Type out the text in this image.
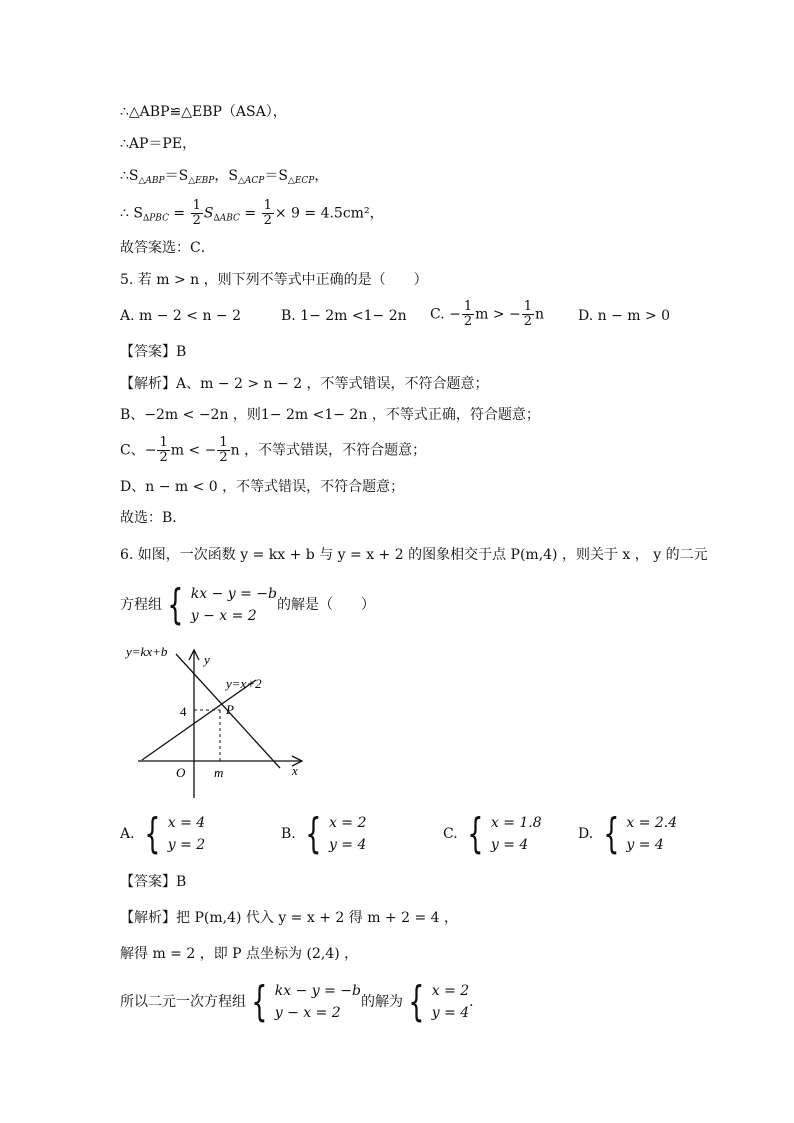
∴△ABP≌△EBP（ASA），
∴AP＝PE，
$\therefore S_{\triangle ABP}=S_{\triangle EBP}$，$S_{\triangle ACP}=S_{\triangle ECP}$，
∴ $S_{\Delta PBC} = \frac{1}{2} S_{\Delta ABC} = \frac{1}{2} \times 9 = 4.5cm^2$，
故答案选：C．
5. 若 m > n ，则下列不等式中正确的是（　　）
A. m − 2 < n − 2	B. 1− 2m <1− 2n C. − $\frac{1}{2}$ m > − $\frac{1}{2}$ n D. n − m > 0
【答案】B
【解析】A、m − 2 > n − 2 ，不等式错误，不符合题意；
B、−2m < −2n ，则1− 2m <1− 2n ，不等式正确，符合题意；
C、− $\frac{1}{2}$ m < − $\frac{1}{2}$ n ，不等式错误，不符合题意；
D、n − m < 0 ，不等式错误，不符合题意；
故选：B．
6. 如图，一次函数 y = kx + b 与 y = x + 2 的图象相交于点 P(m,4) ，则关于 x ， y 的二元
方程组 { kx − y = −b
y − x = 2
的解是（　　）
y=kx+b
y
y=x+2
P
4
O m	x
A. { x = 4
y = 2
B. { x = 2
y = 4
C. { x = 1.8
y = 4
D. { x = 2.4
y = 4
【答案】B
【解析】把 P(m,4) 代入 y = x + 2 得 m + 2 = 4 ，
解得 m = 2 ，即 P 点坐标为 (2,4) ，
所以二元一次方程组 { kx − y = −b
y − x = 2
的解为 { x = 2
y = 4
．
